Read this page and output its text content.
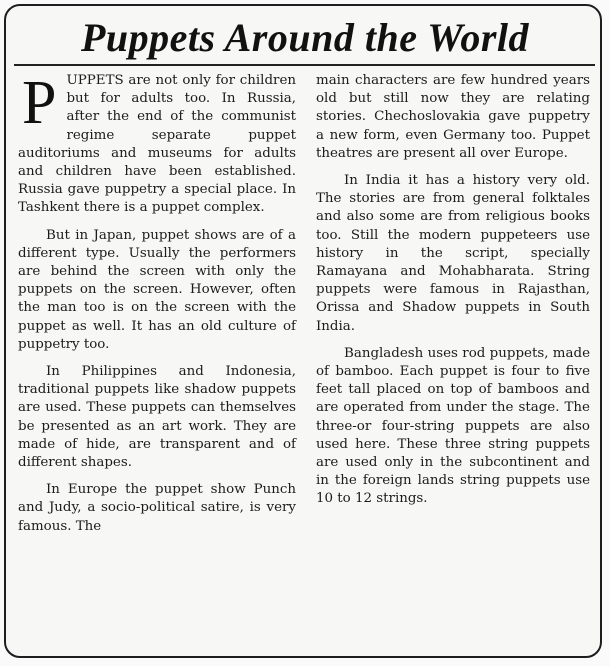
Puppets Around the World

P UPPETS are not only for children but for adults too. In Russia, after the end of the communist regime separate puppet auditoriums and museums for adults and children have been established. Russia gave puppetry a special place. In Tashkent there is a puppet complex.

But in Japan, puppet shows are of a different type. Usually the performers are behind the screen with only the puppets on the screen. However, often the man too is on the screen with the puppet as well. It has an old culture of puppetry too.

In Philippines and Indonesia, traditional puppets like shadow puppets are used. These puppets can themselves be presented as an art work. They are made of hide, are transparent and of different shapes.

In Europe the puppet show Punch and Judy, a socio-political satire, is very famous. The

main characters are few hundred years old but still now they are relating stories. Chechoslovakia gave puppetry a new form, even Germany too. Puppet theatres are present all over Europe.

In India it has a history very old. The stories are from general folktales and also some are from religious books too. Still the modern puppeteers use history in the script, specially Ramayana and Mohabharata. String puppets were famous in Rajasthan, Orissa and Shadow puppets in South India.

Bangladesh uses rod puppets, made of bamboo. Each puppet is four to five feet tall placed on top of bamboos and are operated from under the stage. The three-or four-string puppets are also used here. These three string puppets are used only in the subcontinent and in the foreign lands string puppets use 10 to 12 strings.
